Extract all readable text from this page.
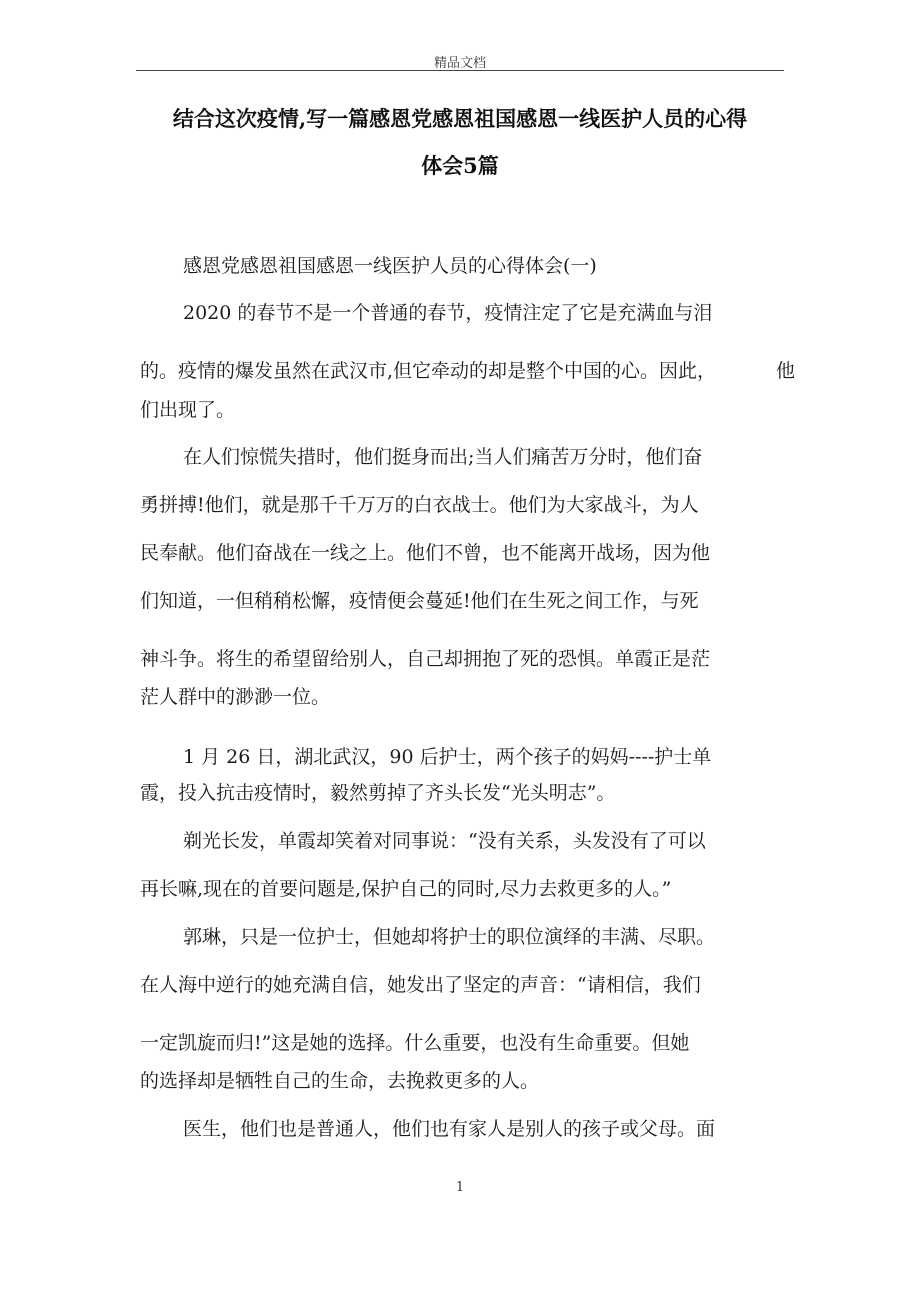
精品文档
结合这次疫情,写一篇感恩党感恩祖国感恩一线医护人员的心得
体会5篇
感恩党感恩祖国感恩一线医护人员的心得体会(一)
2020 的春节不是一个普通的春节，疫情注定了它是充满血与泪
的。疫情的爆发虽然在武汉市,但它牵动的却是整个中国的心。因此，	他
们出现了。
在人们惊慌失措时，他们挺身而出;当人们痛苦万分时，他们奋
勇拼搏!他们，就是那千千万万的白衣战士。他们为大家战斗，为人
民奉献。他们奋战在一线之上。他们不曾，也不能离开战场，因为他
们知道，一但稍稍松懈，疫情便会蔓延!他们在生死之间工作，与死
神斗争。将生的希望留给别人，自己却拥抱了死的恐惧。单霞正是茫
茫人群中的渺渺一位。
1 月 26 日，湖北武汉，90 后护士，两个孩子的妈妈----护士单
霞，投入抗击疫情时，毅然剪掉了齐头长发“光头明志”。
剃光长发，单霞却笑着对同事说：“没有关系，头发没有了可以
再长嘛,现在的首要问题是,保护自己的同时,尽力去救更多的人。”
郭琳，只是一位护士，但她却将护士的职位演绎的丰满、尽职。
在人海中逆行的她充满自信，她发出了坚定的声音：“请相信，我们
一定凯旋而归!”这是她的选择。什么重要，也没有生命重要。但她
的选择却是牺牲自己的生命，去挽救更多的人。
医生，他们也是普通人，他们也有家人是别人的孩子或父母。面
1
